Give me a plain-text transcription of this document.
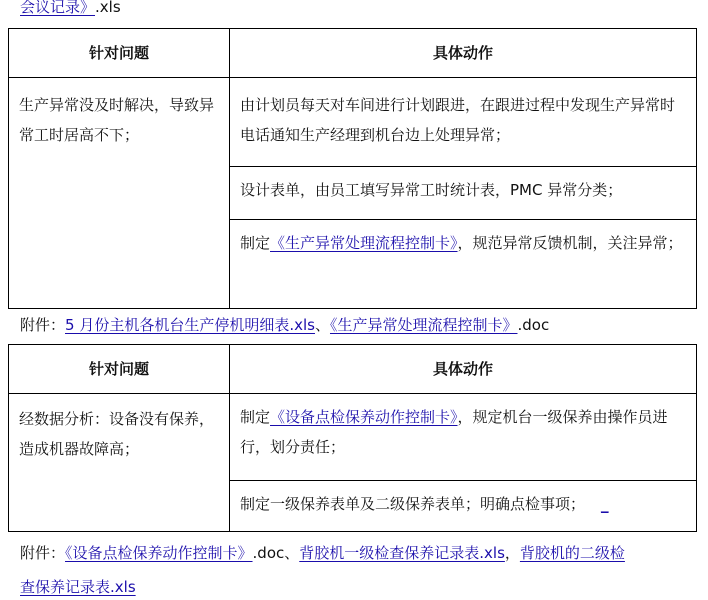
会议记录》.xls
针对问题	具体动作
生产异常没及时解决，导致异常工时居高不下；	由计划员每天对车间进行计划跟进，在跟进过程中发现生产异常时电话通知生产经理到机台边上处理异常；
	设计表单，由员工填写异常工时统计表，PMC 异常分类；
	制定《生产异常处理流程控制卡》，规范异常反馈机制，关注异常；
附件：5 月份主机各机台生产停机明细表.xls、《生产异常处理流程控制卡》.doc
针对问题	具体动作
经数据分析：设备没有保养，造成机器故障高；	制定《设备点检保养动作控制卡》，规定机台一级保养由操作员进行，划分责任；
	制定一级保养表单及二级保养表单；明确点检事项； _
附件：《设备点检保养动作控制卡》.doc、背胶机一级检查保养记录表.xls，背胶机的二级检
查保养记录表.xls
